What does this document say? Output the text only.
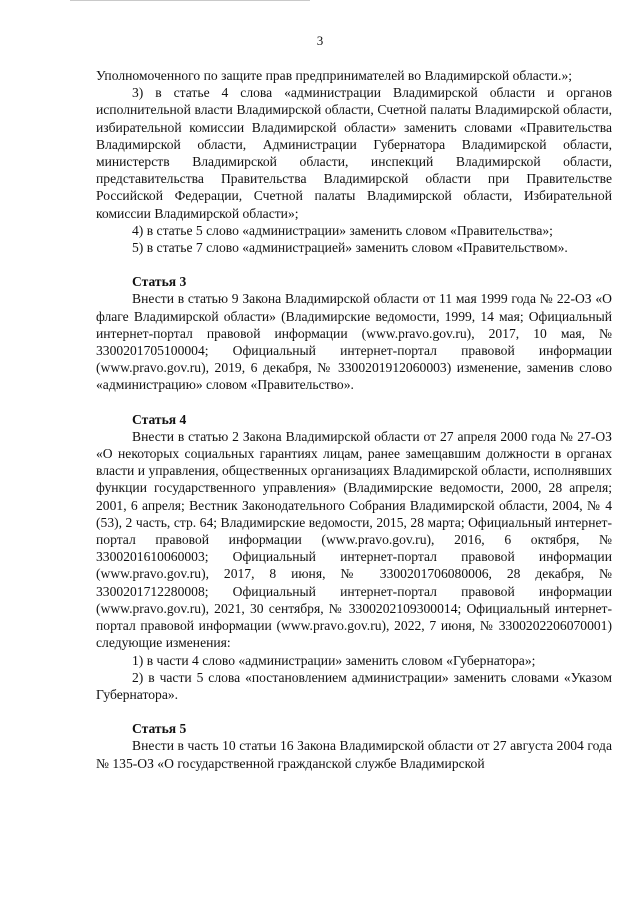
3

Уполномоченного по защите прав предпринимателей во Владимирской области.»;

3) в статье 4 слова «администрации Владимирской области и органов исполнительной власти Владимирской области, Счетной палаты Владимирской области, избирательной комиссии Владимирской области» заменить словами «Правительства Владимирской области, Администрации Губернатора Владимирской области, министерств Владимирской области, инспекций Владимирской области, представительства Правительства Владимирской области при Правительстве Российской Федерации, Счетной палаты Владимирской области, Избирательной комиссии Владимирской области»;

4) в статье 5 слово «администрации» заменить словом «Правительства»;

5) в статье 7 слово «администрацией» заменить словом «Правительством».

Статья 3

Внести в статью 9 Закона Владимирской области от 11 мая 1999 года № 22-ОЗ «О флаге Владимирской области» (Владимирские ведомости, 1999, 14 мая; Официальный интернет-портал правовой информации (www.pravo.gov.ru), 2017, 10 мая, № 3300201705100004; Официальный интернет-портал правовой информации (www.pravo.gov.ru), 2019, 6 декабря, № 3300201912060003) изменение, заменив слово «администрацию» словом «Правительство».

Статья 4

Внести в статью 2 Закона Владимирской области от 27 апреля 2000 года № 27-ОЗ «О некоторых социальных гарантиях лицам, ранее замещавшим должности в органах власти и управления, общественных организациях Владимирской области, исполнявших функции государственного управления» (Владимирские ведомости, 2000, 28 апреля; 2001, 6 апреля; Вестник Законодательного Собрания Владимирской области, 2004, № 4 (53), 2 часть, стр. 64; Владимирские ведомости, 2015, 28 марта; Официальный интернет-портал правовой информации (www.pravo.gov.ru), 2016, 6 октября, № 3300201610060003; Официальный интернет-портал правовой информации (www.pravo.gov.ru), 2017, 8 июня, № 3300201706080006, 28 декабря, № 3300201712280008; Официальный интернет-портал правовой информации (www.pravo.gov.ru), 2021, 30 сентября, № 3300202109300014; Официальный интернет-портал правовой информации (www.pravo.gov.ru), 2022, 7 июня, № 3300202206070001) следующие изменения:

1) в части 4 слово «администрации» заменить словом «Губернатора»;

2) в части 5 слова «постановлением администрации» заменить словами «Указом Губернатора».

Статья 5

Внести в часть 10 статьи 16 Закона Владимирской области от 27 августа 2004 года № 135-ОЗ «О государственной гражданской службе Владимирской
